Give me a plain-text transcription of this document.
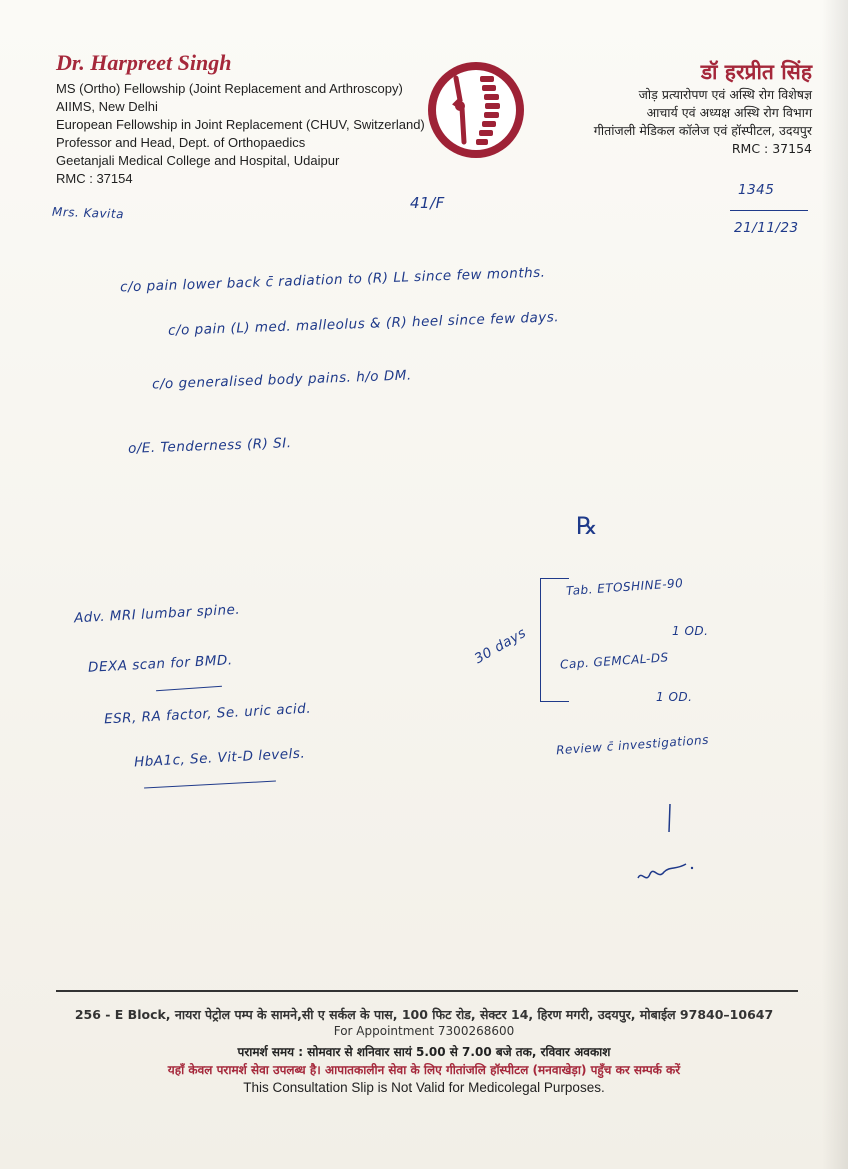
Dr. Harpreet Singh
MS (Ortho) Fellowship (Joint Replacement and Arthroscopy)
AIIMS, New Delhi
European Fellowship in Joint Replacement (CHUV, Switzerland)
Professor and Head, Dept. of Orthopaedics
Geetanjali Medical College and Hospital, Udaipur
RMC : 37154
डॉ हरप्रीत सिंह
जोड़ प्रत्यारोपण एवं अस्थि रोग विशेषज्ञ
आचार्य एवं अध्यक्ष अस्थि रोग विभाग
गीतांजली मेडिकल कॉलेज एवं हॉस्पीटल, उदयपुर
RMC : 37154
Mrs. Kavita
41/F
1345
21/11/23
c/o pain lower back c̄ radiation to (R) LL since few months.
c/o pain (L) med. malleolus & (R) heel since few days.
c/o generalised body pains. h/o DM.
o/E. Tenderness (R) SI.
℞
Adv. MRI lumbar spine.
DEXA scan for BMD.
ESR, RA factor, Se. uric acid.
HbA1c, Se. Vit-D levels.
30 days
Tab. ETOSHINE-90
1 OD.
Cap. GEMCAL-DS
1 OD.
Review c̄ investigations
256 - E Block, नायरा पेट्रोल पम्प के सामने,सी ए सर्कल के पास, 100 फिट रोड, सेक्टर 14, हिरण मगरी, उदयपुर, मोबाईल 97840–10647
For Appointment 7300268600
परामर्श समय : सोमवार से शनिवार सायं 5.00 से 7.00 बजे तक, रविवार अवकाश
यहाँ केवल परामर्श सेवा उपलब्ध है। आपातकालीन सेवा के लिए गीतांजलि हॉस्पीटल (मनवाखेड़ा) पहुँच कर सम्पर्क करें
This Consultation Slip is Not Valid for Medicolegal Purposes.
